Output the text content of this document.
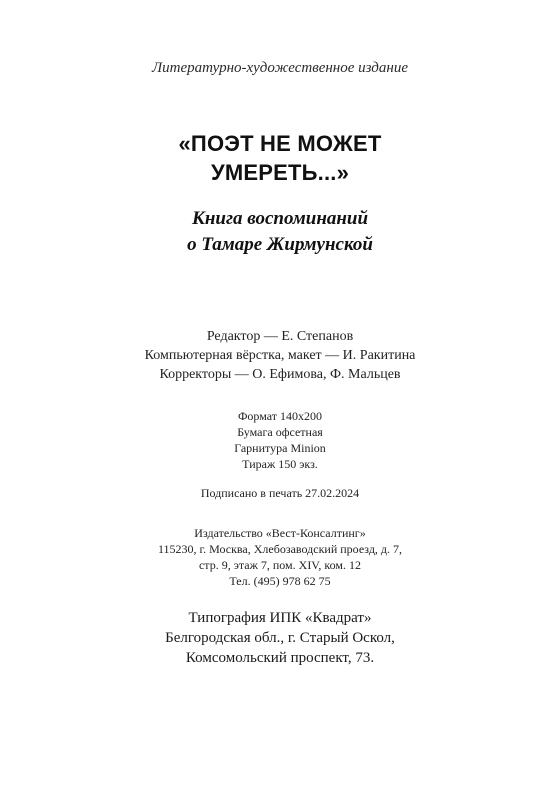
Литературно-художественное издание
«ПОЭТ НЕ МОЖЕТ
УМЕРЕТЬ...»
Книга воспоминаний
о Тамаре Жирмунской
Редактор — Е. Степанов
Компьютерная вёрстка, макет — И. Ракитина
Корректоры — О. Ефимова, Ф. Мальцев
Формат 140x200
Бумага офсетная
Гарнитура Minion
Тираж 150 экз.
Подписано в печать 27.02.2024
Издательство «Вест-Консалтинг»
115230, г. Москва, Хлебозаводский проезд, д. 7,
стр. 9, этаж 7, пом. XIV, ком. 12
Тел. (495) 978 62 75
Типография ИПК «Квадрат»
Белгородская обл., г. Старый Оскол,
Комсомольский проспект, 73.
